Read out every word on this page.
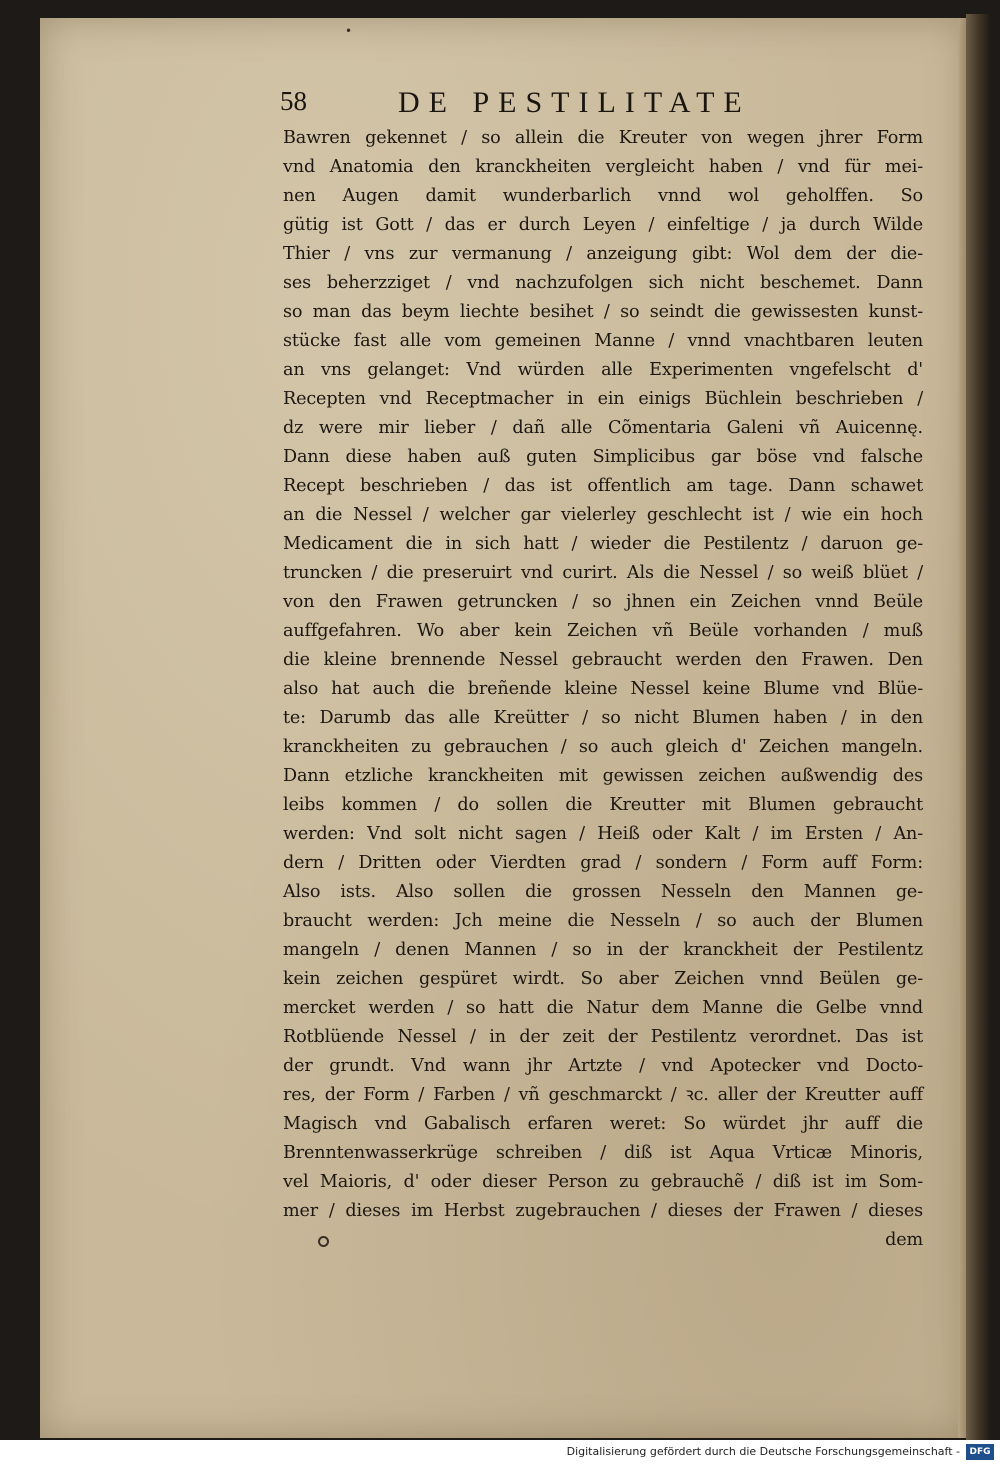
•
58	DE PESTILITATE
Bawren gekennet / so allein die Kreuter von wegen jhrer Form
vnd Anatomia den kranckheiten vergleicht haben / vnd für mei-
nen Augen damit wunderbarlich vnnd wol geholffen. So
gütig ist Gott / das er durch Leyen / einfeltige / ja durch Wilde
Thier / vns zur vermanung / anzeigung gibt: Wol dem der die-
ses beherzziget / vnd nachzufolgen sich nicht beschemet. Dann
so man das beym liechte besihet / so seindt die gewissesten kunst-
stücke fast alle vom gemeinen Manne / vnnd vnachtbaren leuten
an vns gelanget: Vnd würden alle Experimenten vngefelscht d'
Recepten vnd Receptmacher in ein einigs Büchlein beschrieben /
dz were mir lieber / dañ alle Cõmentaria Galeni vñ Auicennę.
Dann diese haben auß guten Simplicibus gar böse vnd falsche
Recept beschrieben / das ist offentlich am tage. Dann schawet
an die Nessel / welcher gar vielerley geschlecht ist / wie ein hoch
Medicament die in sich hatt / wieder die Pestilentz / daruon ge-
truncken / die preseruirt vnd curirt. Als die Nessel / so weiß blüet /
von den Frawen getruncken / so jhnen ein Zeichen vnnd Beüle
auffgefahren. Wo aber kein Zeichen vñ Beüle vorhanden / muß
die kleine brennende Nessel gebraucht werden den Frawen. Den
also hat auch die breñende kleine Nessel keine Blume vnd Blüe-
te: Darumb das alle Kreütter / so nicht Blumen haben / in den
kranckheiten zu gebrauchen / so auch gleich d' Zeichen mangeln.
Dann etzliche kranckheiten mit gewissen zeichen außwendig des
leibs kommen / do sollen die Kreutter mit Blumen gebraucht
werden: Vnd solt nicht sagen / Heiß oder Kalt / im Ersten / An-
dern / Dritten oder Vierdten grad / sondern / Form auff Form:
Also ists. Also sollen die grossen Nesseln den Mannen ge-
braucht werden: Jch meine die Nesseln / so auch der Blumen
mangeln / denen Mannen / so in der kranckheit der Pestilentz
kein zeichen gespüret wirdt. So aber Zeichen vnnd Beülen ge-
mercket werden / so hatt die Natur dem Manne die Gelbe vnnd
Rotblüende Nessel / in der zeit der Pestilentz verordnet. Das ist
der grundt. Vnd wann jhr Artzte / vnd Apotecker vnd Docto-
res, der Form / Farben / vñ geschmarckt / ꝛc. aller der Kreutter auff
Magisch vnd Gabalisch erfaren weret: So würdet jhr auff die
Brenntenwasserkrüge schreiben / diß ist Aqua Vrticæ Minoris,
vel Maioris, d' oder dieser Person zu gebrauchẽ / diß ist im Som-
mer / dieses im Herbst zugebrauchen / dieses der Frawen / dieses
dem
Digitalisierung gefördert durch die Deutsche Forschungsgemeinschaft -	DFG
